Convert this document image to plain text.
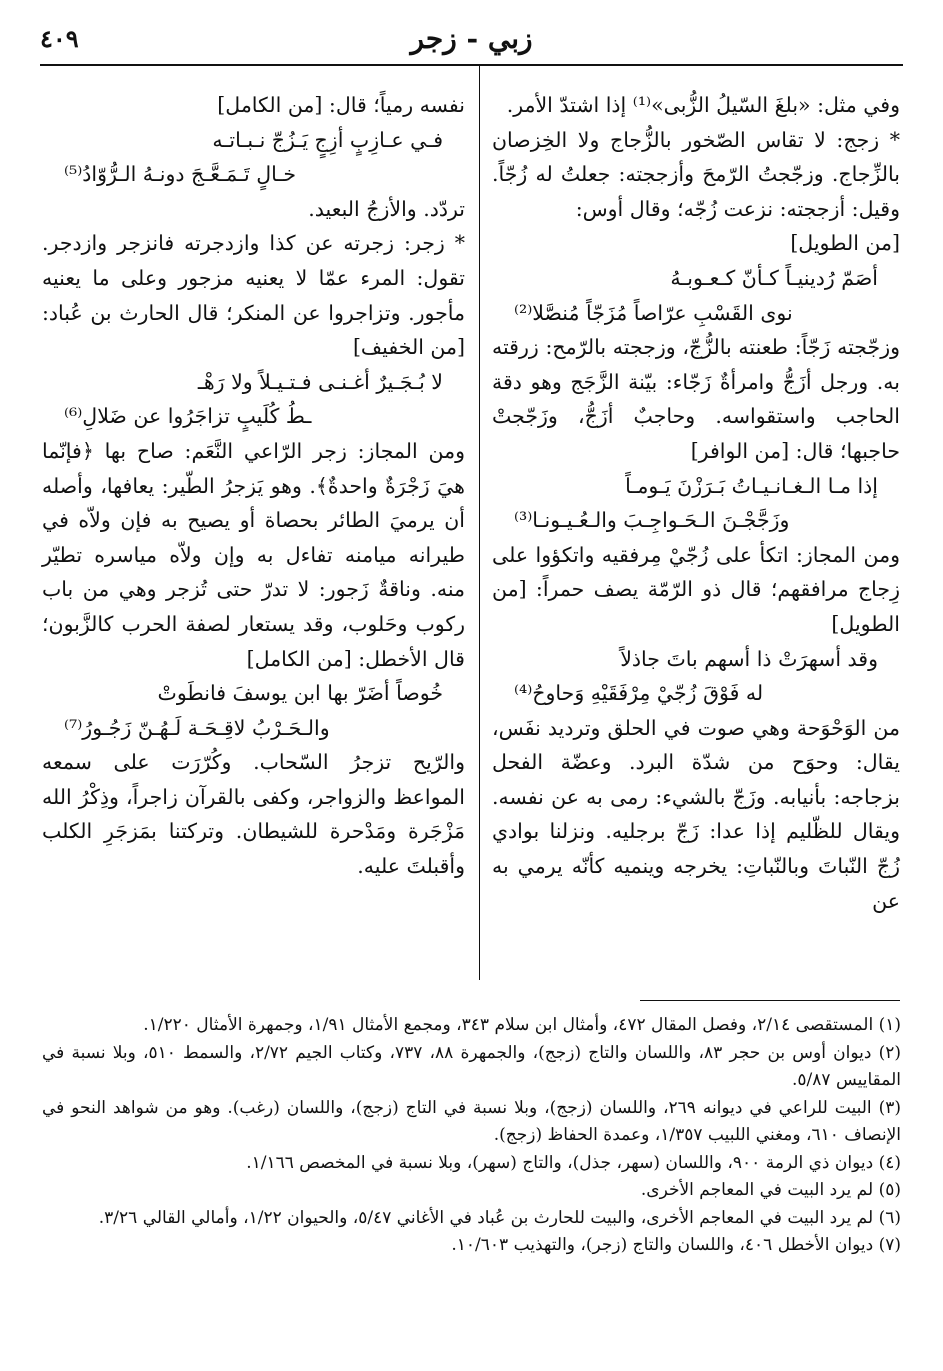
زبي - زجر
٤٠٩

وفي مثل: «بلغَ السّيلُ الزُّبى»⁽¹⁾ إذا اشتدّ الأمر.

* زجج: لا تقاس الصّخور بالزُّجاج ولا الخِزصان بالزِّجاج. وزجّجتُ الرّمحَ وأزججته: جعلتُ له زُجّاً. وقيل: أزججته: نزعت زُجّه؛ وقال أوس:

[من الطويل]
أصَمّ رُدينيـاً كـأنّ كـعـوبـهُ
نوى القَسْبِ عرّاصاً مُزَجّاً مُنصَّلا⁽²⁾

وزجّجته زَجّاً: طعنته بالزُّجّ، وزججته بالرّمح: زرقته به. ورجل أزَجُّ وامرأةٌ زَجّاء: بيّنة الزَّجَج وهو دقة الحاجب واستقواسه. وحاجبٌ أزَجُّ، وزَجّجتْ حاجبها؛ قال: [من الوافر]

إذا مـا الـغـانـيـاتُ بَـرَزْنَ يَـومـاً
وزَجَّجْـنَ الـحَـواجِـبَ والـعُـيـونـا⁽³⁾

ومن المجاز: اتكأ على زُجّيْ مِرفقيه واتكؤوا على زِجاج مرافقهم؛ قال ذو الرّمّة يصف حمراً: [من الطويل]

وقد أسهرَتْ ذا أسهم باتَ جاذلاً
له فَوْقَ زُجّيْ مِرْفَقَيْهِ وَحاوحُ⁽⁴⁾

من الوَحْوَحة وهي صوت في الحلق وترديد نفَس، يقال: وحوَح من شدّة البرد. وعضّة الفحل بزجاجه: بأنيابه. وزَجّ بالشيء: رمى به عن نفسه. ويقال للظّليم إذا عدا: زَجّ برجليه. ونزلنا بوادي زُجّ النّباتَ وبالنّباتِ: يخرجه وينميه كأنّه يرمي به عن

نفسه رمياً؛ قال: [من الكامل]

فـي عـازِبٍ أزِجٍ يَـزُجّ نـبـاتـه
خـالٍ تَـمَـعَّـجَ دونـهُ الـرُّوّادُ⁽⁵⁾

تردّد. والأزجُ البعيد.

* زجر: زجرته عن كذا وازدجرته فانزجر وازدجر. تقول: المرء عمّا لا يعنيه مزجور وعلى ما يعنيه مأجور. وتزاجروا عن المنكر؛ قال الحارث بن عُباد: [من الخفيف]

لا بُـجَـيرٌ أغـنـى فـتـيـلاً ولا رَهْـ
ـطُ كُلَيبٍ تزاجَرُوا عن ضَلالِ⁽⁶⁾

ومن المجاز: زجر الرّاعي النَّعَم: صاح بها ﴿فإنّما هيَ زَجْرَةٌ واحدةٌ﴾. وهو يَزجرُ الطّير: يعافها، وأصله أن يرميَ الطائر بحصاة أو يصيح به فإن ولاّه في طيرانه ميامنه تفاءل به وإن ولاّه مياسره تطيّر منه. وناقةٌ زَجور: لا تدرّ حتى تُزجر وهي من باب ركوب وحَلوب، وقد يستعار لصفة الحرب كالزَّبون؛ قال الأخطل: [من الكامل]

خُوصاً أضَرّ بها ابن يوسفَ فانطَوتْ
والـحَـرْبُ لاقِـحَـة لَـهُـنّ زَجُـورُ⁽⁷⁾

والرّيح تزجرُ السّحاب. وكُرّرَت على سمعه المواعظ والزواجر، وكفى بالقرآن زاجراً، وذِكْرُ الله مَزْجَرة ومَدْحرة للشيطان. وتركتنا بمَزجَرِ الكلب وأقبلتَ عليه.

(١) المستقصى ٢/١٤، وفصل المقال ٤٧٢، وأمثال ابن سلام ٣٤٣، ومجمع الأمثال ١/٩١، وجمهرة الأمثال ١/٢٢٠.

(٢) ديوان أوس بن حجر ٨٣، واللسان والتاج (زجج)، والجمهرة ٨٨، ٧٣٧، وكتاب الجيم ٢/٧٢، والسمط ٥١٠، وبلا نسبة في المقاييس ٥/٨٧.

(٣) البيت للراعي في ديوانه ٢٦٩، واللسان (زجج)، وبلا نسبة في التاج (زجج)، واللسان (رغب). وهو من شواهد النحو في الإنصاف ٦١٠، ومغني اللبيب ١/٣٥٧، وعمدة الحفاظ (زجج).

(٤) ديوان ذي الرمة ٩٠٠، واللسان (سهر، جذل)، والتاج (سهر)، وبلا نسبة في المخصص ١/١٦٦.

(٥) لم يرد البيت في المعاجم الأخرى.

(٦) لم يرد البيت في المعاجم الأخرى، والبيت للحارث بن عُباد في الأغاني ٥/٤٧، والحيوان ١/٢٢، وأمالي القالي ٣/٢٦.

(٧) ديوان الأخطل ٤٠٦، واللسان والتاج (زجر)، والتهذيب ١٠/٦٠٣.
